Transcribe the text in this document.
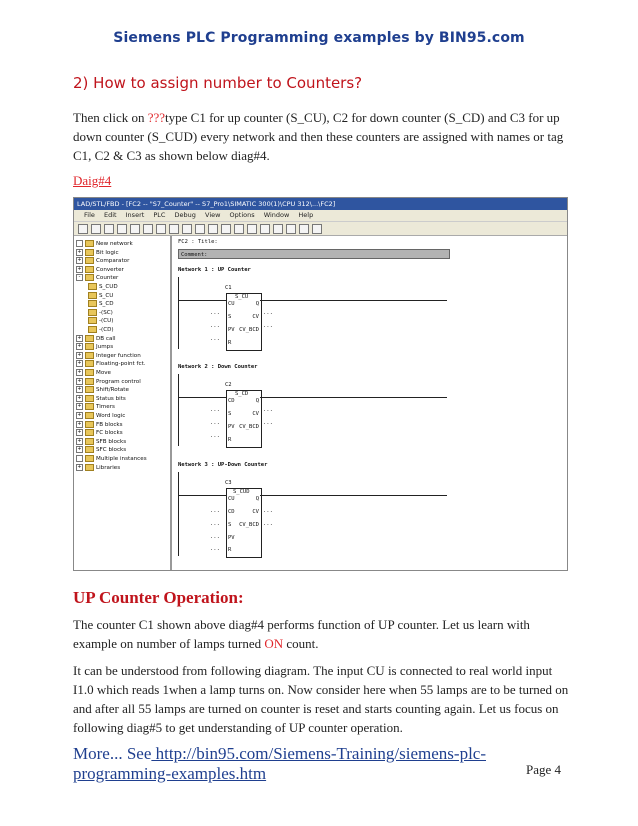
Siemens PLC Programming examples by BIN95.com
2) How to assign number to Counters?
Then click on ???type C1 for up counter (S_CU), C2 for down counter (S_CD) and C3 for up down counter (S_CUD) every network and then these counters are assigned with names or tag C1, C2 & C3 as shown below diag#4.
Daig#4
LAD/STL/FBD - [FC2 -- "S7_Counter" -- S7_Pro1\SIMATIC 300(1)\CPU 312\...\FC2]
File Edit Insert PLC Debug View Options Window Help
New network
+	Bit logic
+	Comparator
+	Converter
-	Counter
S_CUD
S_CU
S_CD
-(SC)
-(CU)
-(CD)
+	DB call
+	Jumps
+	Integer function
+	Floating-point fct.
+	Move
+	Program control
+	Shift/Rotate
+	Status bits
+	Timers
+	Word logic
+	FB blocks
+	FC blocks
+	SFB blocks
+	SFC blocks
Multiple instances
+	Libraries
FC2 : Title:
Comment:
Network 1 : UP Counter
C1
S_CU
CU	Q
S	CV
PV CV_BCD
R
...
...
...
...
...
Network 2 : Down Counter
C2
S_CD
CD	Q
S	CV
PV CV_BCD
R
...
...
...
...
...
Network 3 : UP-Down Counter
C3
S_CUD
CU	Q
CD	CV
S CV_BCD
PV
R
...
...
...
...
...
...
UP Counter Operation:
The counter C1 shown above diag#4 performs function of UP counter. Let us learn with example on number of lamps turned ON count.
It can be understood from following diagram. The input CU is connected to real world input I1.0 which reads 1when a lamp turns on. Now consider here when 55 lamps are to be turned on and after all 55 lamps are turned on counter is reset and starts counting again. Let us focus on following diag#5 to get understanding of UP counter operation.
More... See http://bin95.com/Siemens-Training/siemens-plc-programming-examples.htm	Page 4
